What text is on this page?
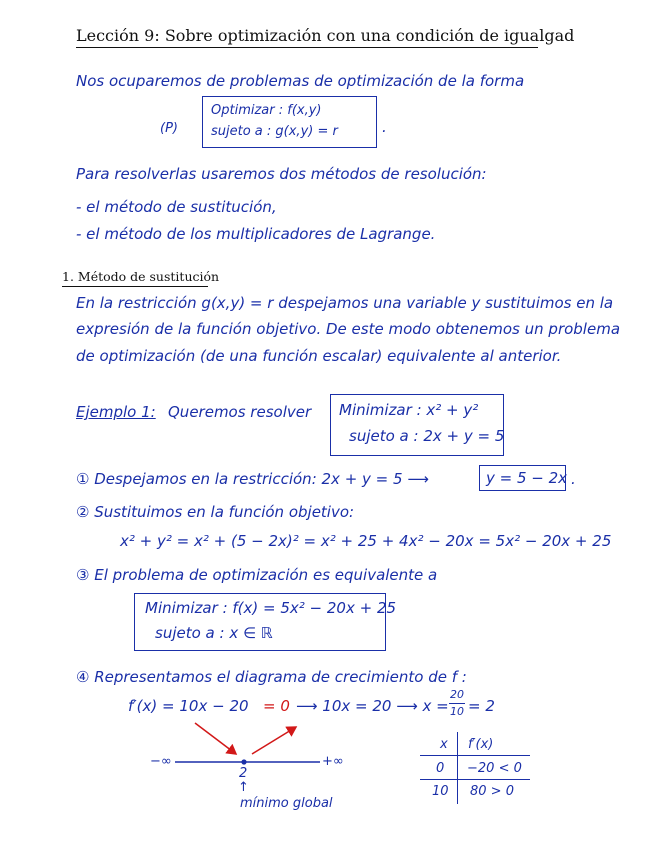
Lección 9: Sobre optimización con una condición de igualgad
Nos ocuparemos de problemas de optimización de la forma
(P)
Optimizar : f(x,y)
sujeto a : g(x,y) = r	.
Para resolverlas usaremos dos métodos de resolución:
- el método de sustitución,
- el método de los multiplicadores de Lagrange.
1. Método de sustitución
En la restricción g(x,y) = r despejamos una variable y sustituimos en la
expresión de la función objetivo. De este modo obtenemos un problema
de optimización (de una función escalar) equivalente al anterior.
Ejemplo 1: Queremos resolver Minimizar : x² + y²
sujeto a : 2x + y = 5
① Despejamos en la restricción: 2x + y = 5 ⟶	y = 5 − 2x .
② Sustituimos en la función objetivo:
x² + y² = x² + (5 − 2x)² = x² + 25 + 4x² − 20x = 5x² − 20x + 25
③ El problema de optimización es equivalente a
Minimizar : f(x) = 5x² − 20x + 25
sujeto a : x ∈ ℝ
④ Representamos el diagrama de crecimiento de f :
f′(x) = 10x − 20 = 0 ⟶ 10x = 20 ⟶ x =
20
10 = 2
−∞	+∞
2
↑
mínimo global
x f′(x)
0 −20 < 0
10 80 > 0
